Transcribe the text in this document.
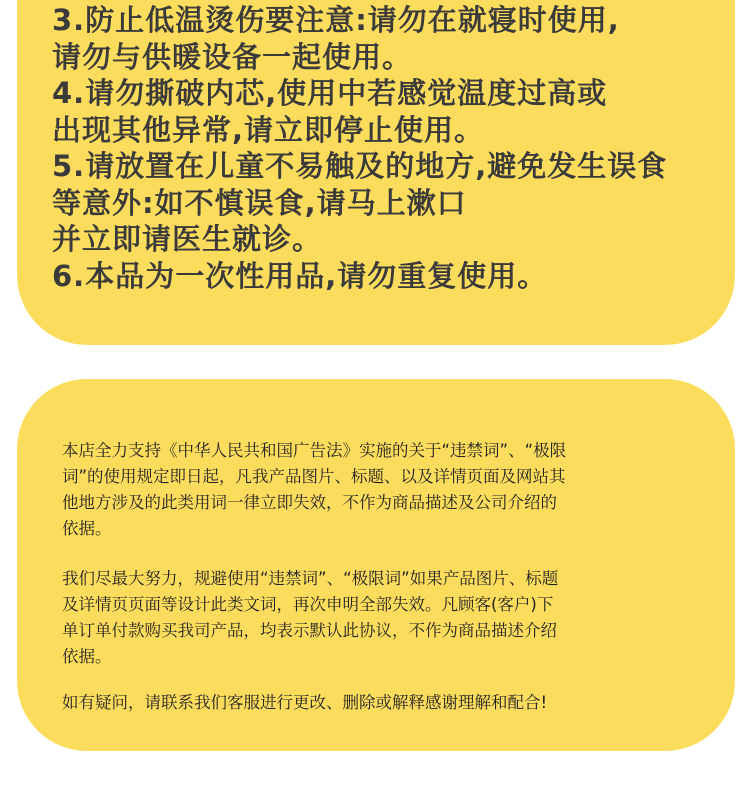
3.防止低温烫伤要注意:请勿在就寝时使用,
请勿与供暖设备一起使用。
4.请勿撕破内芯,使用中若感觉温度过高或
出现其他异常,请立即停止使用。
5.请放置在儿童不易触及的地方,避免发生误食
等意外:如不慎误食,请马上漱口
并立即请医生就诊。
6.本品为一次性用品,请勿重复使用。
本店全力支持《中华人民共和国广告法》实施的关于“违禁词”、“极限
词”的使用规定即日起，凡我产品图片、标题、以及详情页面及网站其
他地方涉及的此类用词一律立即失效，不作为商品描述及公司介绍的
依据。
我们尽最大努力，规避使用“违禁词”、“极限词”如果产品图片、标题
及详情页页面等设计此类文词，再次申明全部失效。凡顾客(客户)下
单订单付款购买我司产品，均表示默认此协议，不作为商品描述介绍
依据。
如有疑问，请联系我们客服进行更改、删除或解释感谢理解和配合!
